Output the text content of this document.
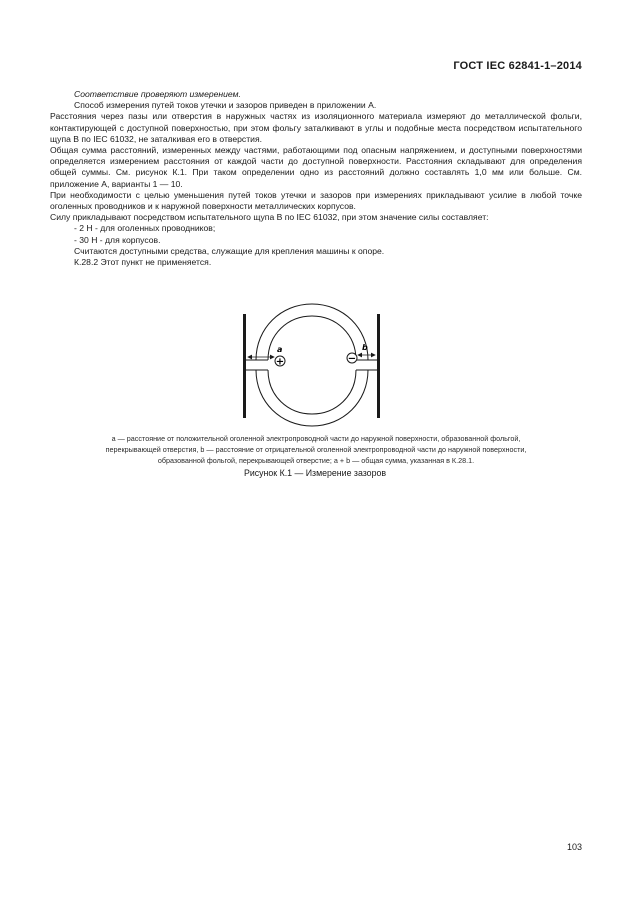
ГОСТ IEC 62841-1–2014

Соответствие проверяют измерением.

Способ измерения путей токов утечки и зазоров приведен в приложении А.

Расстояния через пазы или отверстия в наружных частях из изоляционного материала измеряют до металлической фольги, контактирующей с доступной поверхностью, при этом фольгу заталкивают в углы и подобные места посредством испытательного щупа В по IEC 61032, не заталкивая его в отверстия.

Общая сумма расстояний, измеренных между частями, работающими под опасным напряжением, и доступными поверхностями определяется измерением расстояния от каждой части до доступной поверхности. Расстояния складывают для определения общей суммы. См. рисунок К.1. При таком определении одно из расстояний должно составлять 1,0 мм или больше. См. приложение А, варианты 1 — 10.

При необходимости с целью уменьшения путей токов утечки и зазоров при измерениях прикладывают усилие в любой точке оголенных проводников и к наружной поверхности металлических корпусов.

Силу прикладывают посредством испытательного щупа В по IEC 61032, при этом значение силы составляет:

- 2 Н - для оголенных проводников;

- 30 Н - для корпусов.

Считаются доступными средства, служащие для крепления машины к опоре.

К.28.2 Этот пункт не применяется.

+	−
a	b
a — расстояние от положительной оголенной электропроводной части до наружной поверхности, образованной фольгой,
перекрывающей отверстия, b — расстояние от отрицательной оголенной электропроводной части до наружной поверхности,
образованной фольгой, перекрывающей отверстие; a + b — общая сумма, указанная в К.28.1.
Рисунок К.1 — Измерение зазоров
103
